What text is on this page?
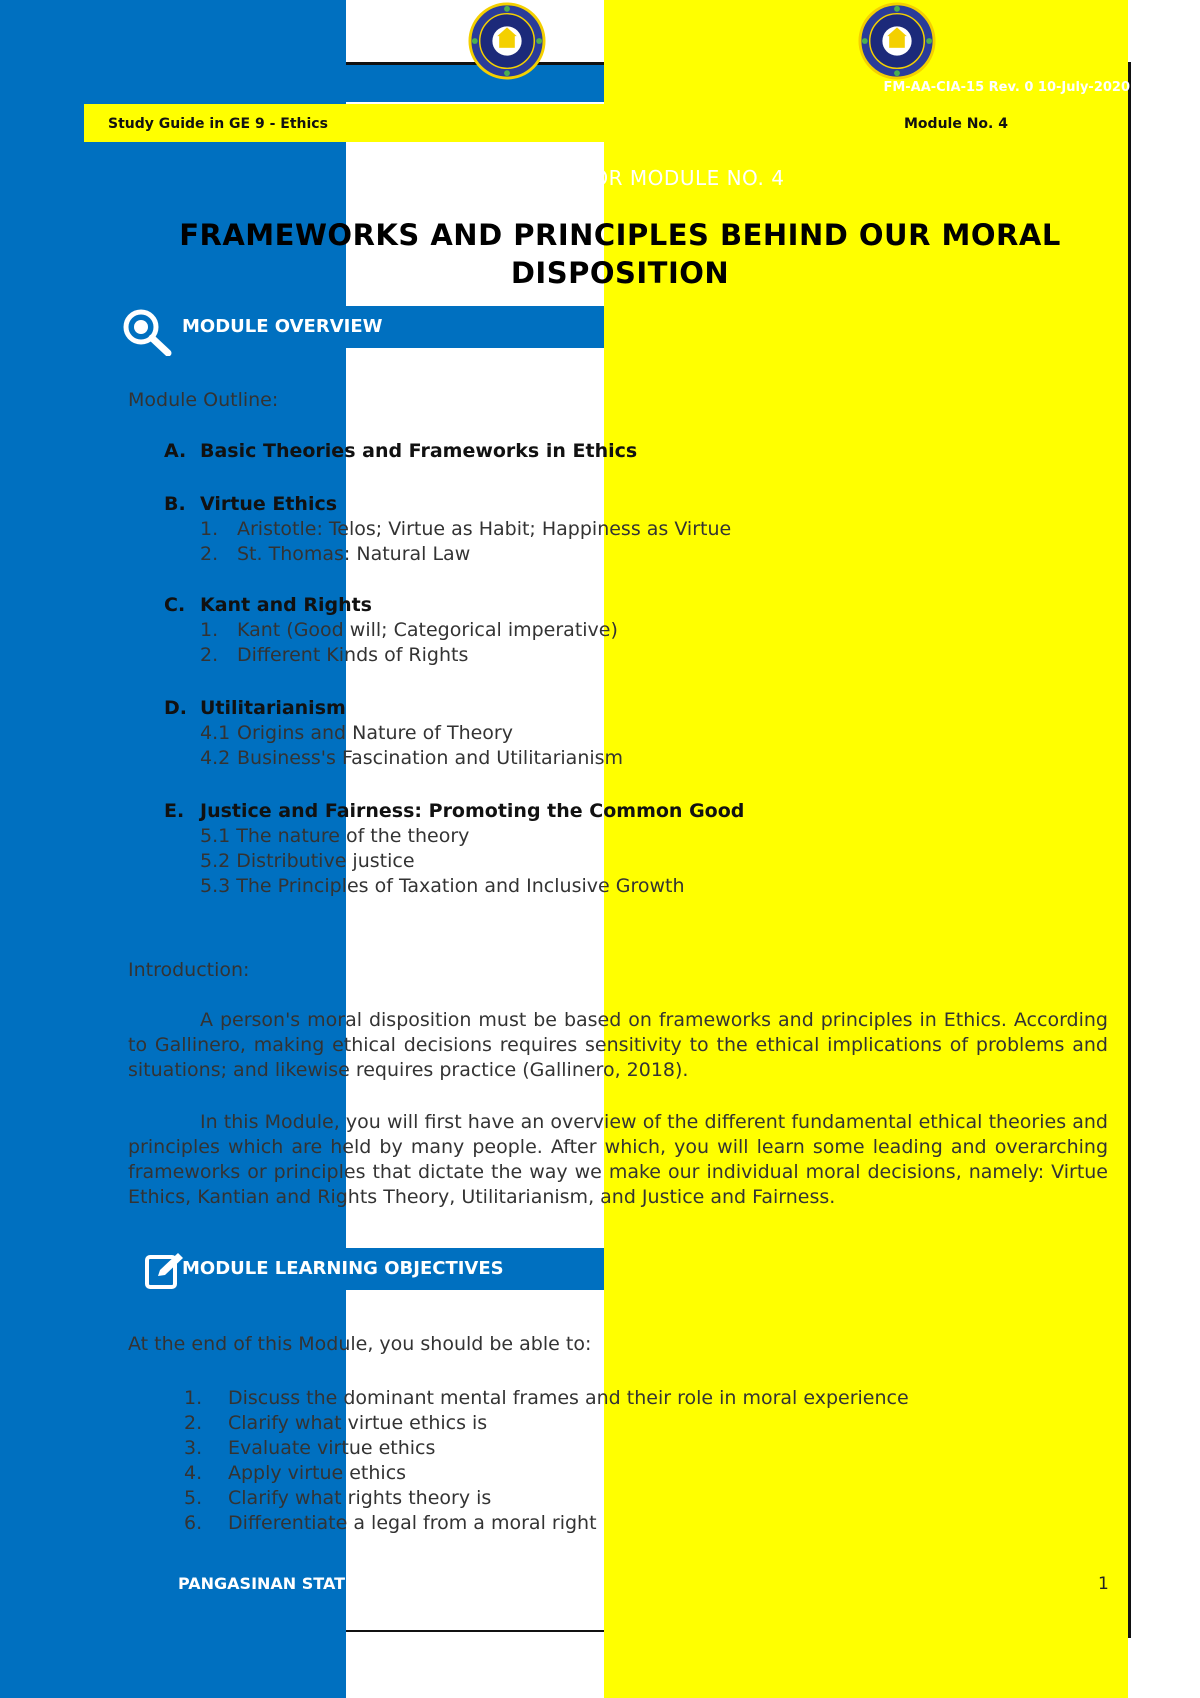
FM-AA-CIA-15 Rev. 0 10-July-2020
Study Guide in GE 9 - Ethics	Module No. 4
STUDY GUIDE FOR MODULE NO. 4
FRAMEWORKS AND PRINCIPLES BEHIND OUR MORAL DISPOSITION
MODULE OVERVIEW
Module Outline:
A. Basic Theories and Frameworks in Ethics
B. Virtue Ethics
1. Aristotle: Telos; Virtue as Habit; Happiness as Virtue
2. St. Thomas: Natural Law
C. Kant and Rights
1. Kant (Good will; Categorical imperative)
2. Different Kinds of Rights
D. Utilitarianism
4.1 Origins and Nature of Theory
4.2 Business's Fascination and Utilitarianism
E. Justice and Fairness: Promoting the Common Good
5.1 The nature of the theory
5.2 Distributive justice
5.3 The Principles of Taxation and Inclusive Growth
Introduction:
A person's moral disposition must be based on frameworks and principles in Ethics. According to Gallinero, making ethical decisions requires sensitivity to the ethical implications of problems and situations; and likewise requires practice (Gallinero, 2018).
In this Module, you will first have an overview of the different fundamental ethical theories and principles which are held by many people. After which, you will learn some leading and overarching frameworks or principles that dictate the way we make our individual moral decisions, namely: Virtue Ethics, Kantian and Rights Theory, Utilitarianism, and Justice and Fairness.
MODULE LEARNING OBJECTIVES
At the end of this Module, you should be able to:
1. Discuss the dominant mental frames and their role in moral experience
2. Clarify what virtue ethics is
3. Evaluate virtue ethics
4. Apply virtue ethics
5. Clarify what rights theory is
6. Differentiate a legal from a moral right
PANGASINAN STAT	1
